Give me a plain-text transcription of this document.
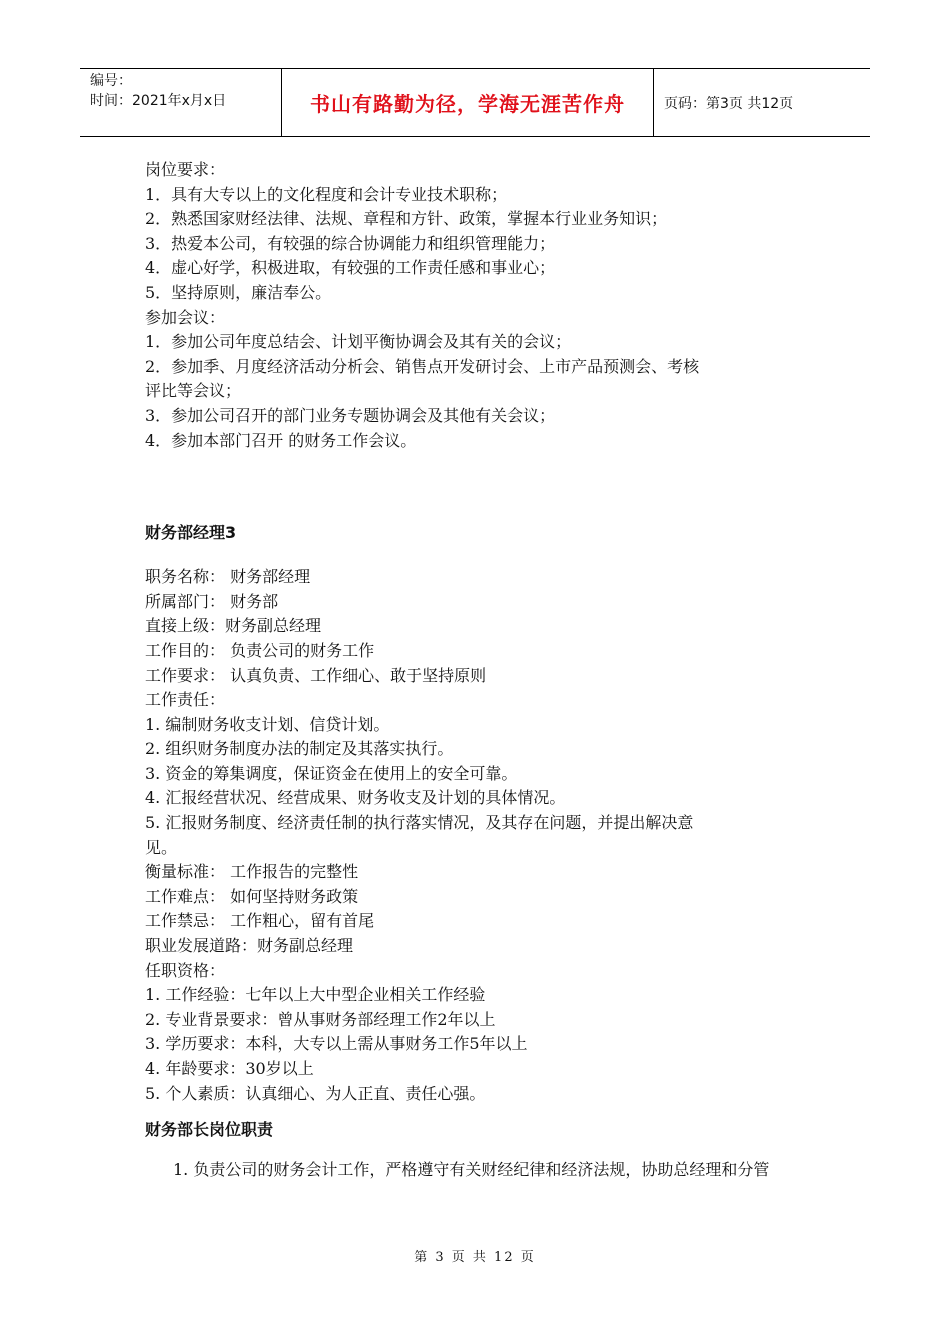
编号：
时间：2021年x月x日	书山有路勤为径，学海无涯苦作舟	页码：第3页 共12页
岗位要求：
1．具有大专以上的文化程度和会计专业技术职称；
2．熟悉国家财经法律、法规、章程和方针、政策，掌握本行业业务知识；
3．热爱本公司，有较强的综合协调能力和组织管理能力；
4．虚心好学，积极进取，有较强的工作责任感和事业心；
5．坚持原则，廉洁奉公。
参加会议：
1．参加公司年度总结会、计划平衡协调会及其有关的会议；
2．参加季、月度经济活动分析会、销售点开发研讨会、上市产品预测会、考核
评比等会议；
3．参加公司召开的部门业务专题协调会及其他有关会议；
4．参加本部门召开 的财务工作会议。
财务部经理3
职务名称： 财务部经理
所属部门： 财务部
直接上级：财务副总经理
工作目的： 负责公司的财务工作
工作要求： 认真负责、工作细心、敢于坚持原则
工作责任：
1. 编制财务收支计划、信贷计划。
2. 组织财务制度办法的制定及其落实执行。
3. 资金的筹集调度，保证资金在使用上的安全可靠。
4. 汇报经营状况、经营成果、财务收支及计划的具体情况。
5. 汇报财务制度、经济责任制的执行落实情况，及其存在问题，并提出解决意
见。
衡量标准： 工作报告的完整性
工作难点： 如何坚持财务政策
工作禁忌： 工作粗心，留有首尾
职业发展道路：财务副总经理
任职资格：
1. 工作经验：七年以上大中型企业相关工作经验
2. 专业背景要求：曾从事财务部经理工作2年以上
3. 学历要求：本科，大专以上需从事财务工作5年以上
4. 年龄要求：30岁以上
5. 个人素质：认真细心、为人正直、责任心强。
财务部长岗位职责
1. 负责公司的财务会计工作，严格遵守有关财经纪律和经济法规，协助总经理和分管
第 3 页 共 12 页
